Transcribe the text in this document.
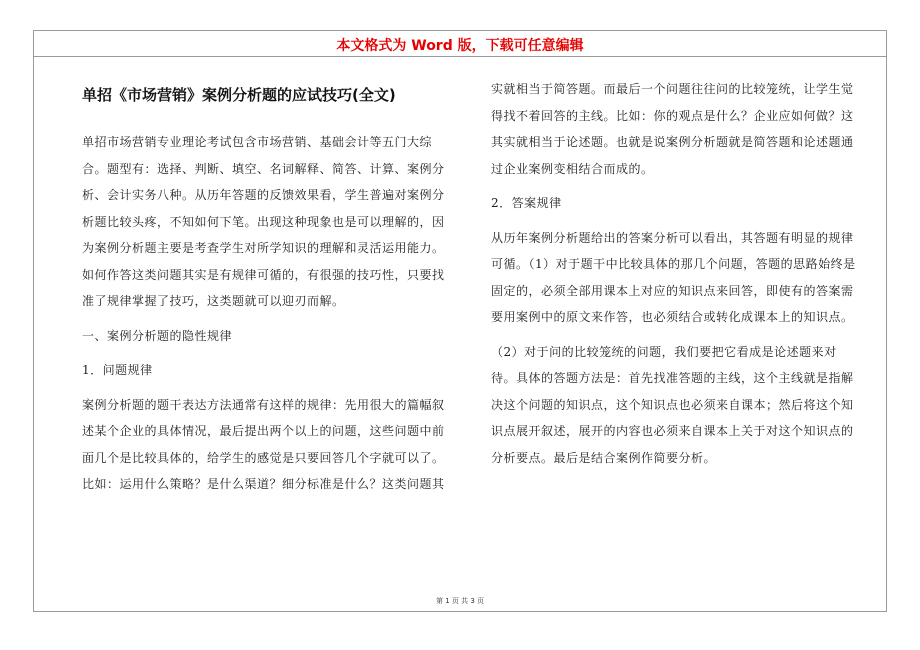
本文格式为 Word 版，下载可任意编辑
单招《市场营销》案例分析题的应试技巧(全文)

单招市场营销专业理论考试包含市场营销、基础会计等五门大综合。题型有：选择、判断、填空、名词解释、简答、计算、案例分析、会计实务八种。从历年答题的反馈效果看，学生普遍对案例分析题比较头疼，不知如何下笔。出现这种现象也是可以理解的，因为案例分析题主要是考查学生对所学知识的理解和灵活运用能力。如何作答这类问题其实是有规律可循的，有很强的技巧性，只要找准了规律掌握了技巧，这类题就可以迎刃而解。

一、案例分析题的隐性规律

1．问题规律

案例分析题的题干表达方法通常有这样的规律：先用很大的篇幅叙述某个企业的具体情况，最后提出两个以上的问题，这些问题中前面几个是比较具体的，给学生的感觉是只要回答几个字就可以了。比如：运用什么策略？是什么渠道？细分标准是什么？这类问题其

实就相当于简答题。而最后一个问题往往问的比较笼统，让学生觉得找不着回答的主线。比如：你的观点是什么？企业应如何做？这其实就相当于论述题。也就是说案例分析题就是简答题和论述题通过企业案例变相结合而成的。

2．答案规律

从历年案例分析题给出的答案分析可以看出，其答题有明显的规律可循。（1）对于题干中比较具体的那几个问题，答题的思路始终是固定的，必须全部用课本上对应的知识点来回答，即使有的答案需要用案例中的原文来作答，也必须结合或转化成课本上的知识点。

（2）对于问的比较笼统的问题，我们要把它看成是论述题来对待。具体的答题方法是：首先找准答题的主线，这个主线就是指解决这个问题的知识点，这个知识点也必须来自课本；然后将这个知识点展开叙述，展开的内容也必须来自课本上关于对这个知识点的分析要点。最后是结合案例作简要分析。

第 1 页 共 3 页
